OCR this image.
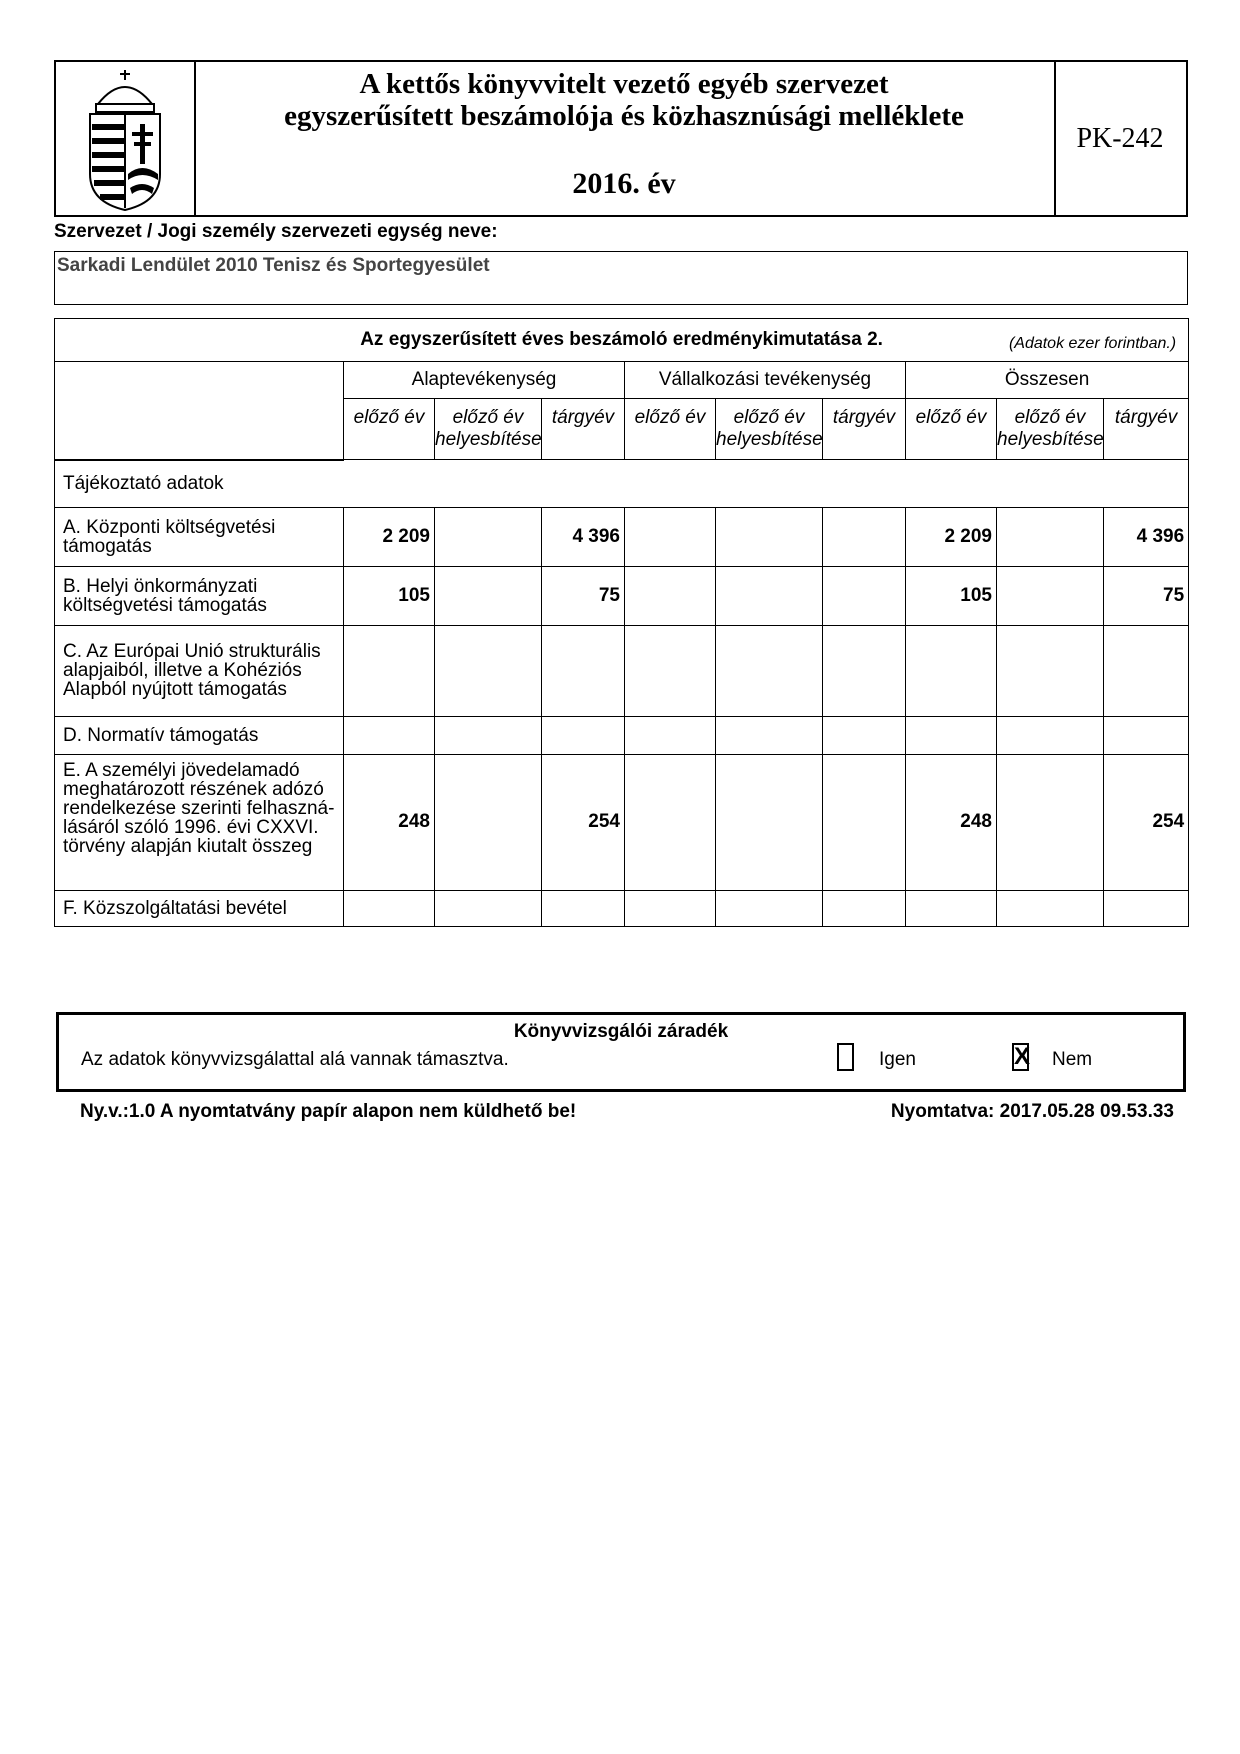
A kettős könyvvitelt vezető egyéb szervezet
egyszerűsített beszámolója és közhasznúsági melléklete
2016. év
PK-242
Szervezet / Jogi személy szervezeti egység neve:
Sarkadi Lendület 2010 Tenisz és Sportegyesület
Az egyszerűsített éves beszámoló eredménykimutatása 2. (Adatok ezer forintban.)									

	Alaptevékenység			Vállalkozási tevékenység			Összesen		
	előző év	előző év helyesbítése	tárgyév	előző év	előző év helyesbítése	tárgyév	előző év	előző év helyesbítése	tárgyév
Tájékoztató adatok									
A. Központi költségvetési támogatás	2 209		4 396				2 209		4 396
B. Helyi önkormányzati költségvetési támogatás	105		75				105		75
C. Az Európai Unió strukturális alapjaiból, illetve a Kohéziós Alapból nyújtott támogatás									
D. Normatív támogatás									
E. A személyi jövedelamadó meghatározott részének adózó rendelkezése szerinti felhaszná-lásáról szóló 1996. évi CXXVI. törvény alapján kiutalt összeg	248		254				248		254
F. Közszolgáltatási bevétel									
Könyvvizsgálói záradék
Az adatok könyvvizsgálattal alá vannak támasztva.	Igen	X Nem
Ny.v.:1.0 A nyomtatvány papír alapon nem küldhető be!	Nyomtatva: 2017.05.28 09.53.33
